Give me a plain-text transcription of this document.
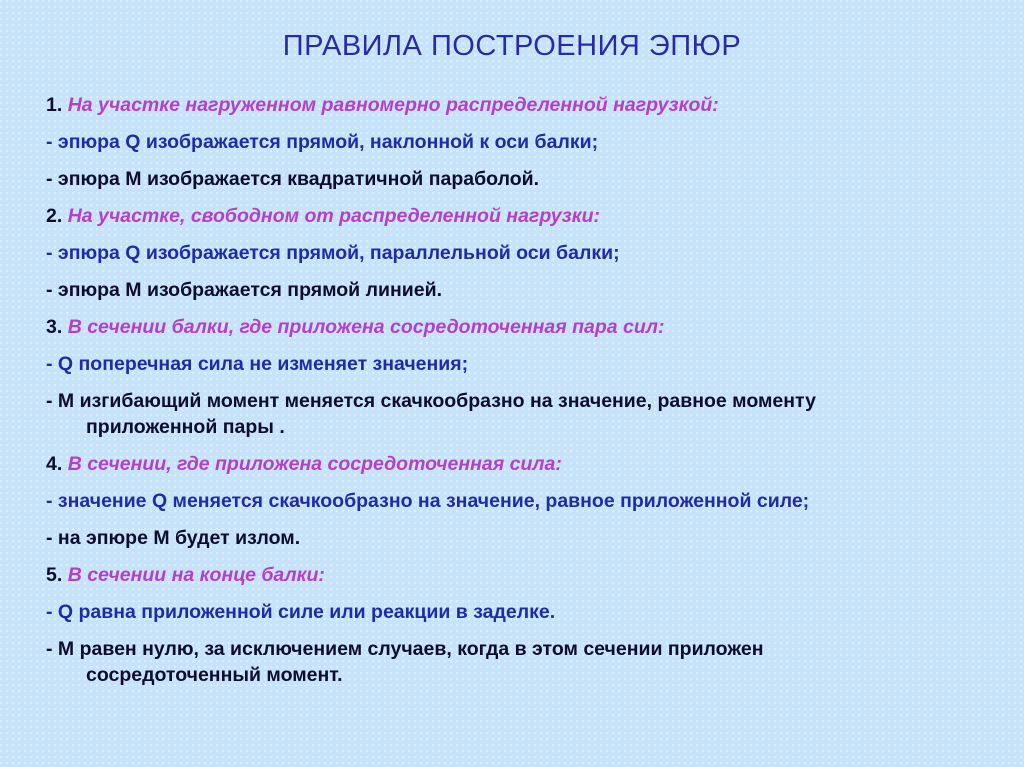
ПРАВИЛА ПОСТРОЕНИЯ ЭПЮР
1. На участке нагруженном равномерно распределенной нагрузкой:
- эпюра Q изображается прямой, наклонной к оси балки;
- эпюра М изображается квадратичной параболой.
2. На участке, свободном от распределенной нагрузки:
- эпюра Q изображается прямой, параллельной оси балки;
- эпюра М изображается прямой линией.
3. В сечении балки, где приложена сосредоточенная пара сил:
- Q поперечная сила не изменяет значения;
- М изгибающий момент меняется скачкообразно на значение, равное моменту
приложенной пары .
4. В сечении, где приложена сосредоточенная сила:
- значение Q меняется скачкообразно на значение, равное приложенной силе;
- на эпюре М будет излом.
5. В сечении на конце балки:
- Q равна приложенной силе или реакции в заделке.
- М равен нулю, за исключением случаев, когда в этом сечении приложен
сосредоточенный момент.
